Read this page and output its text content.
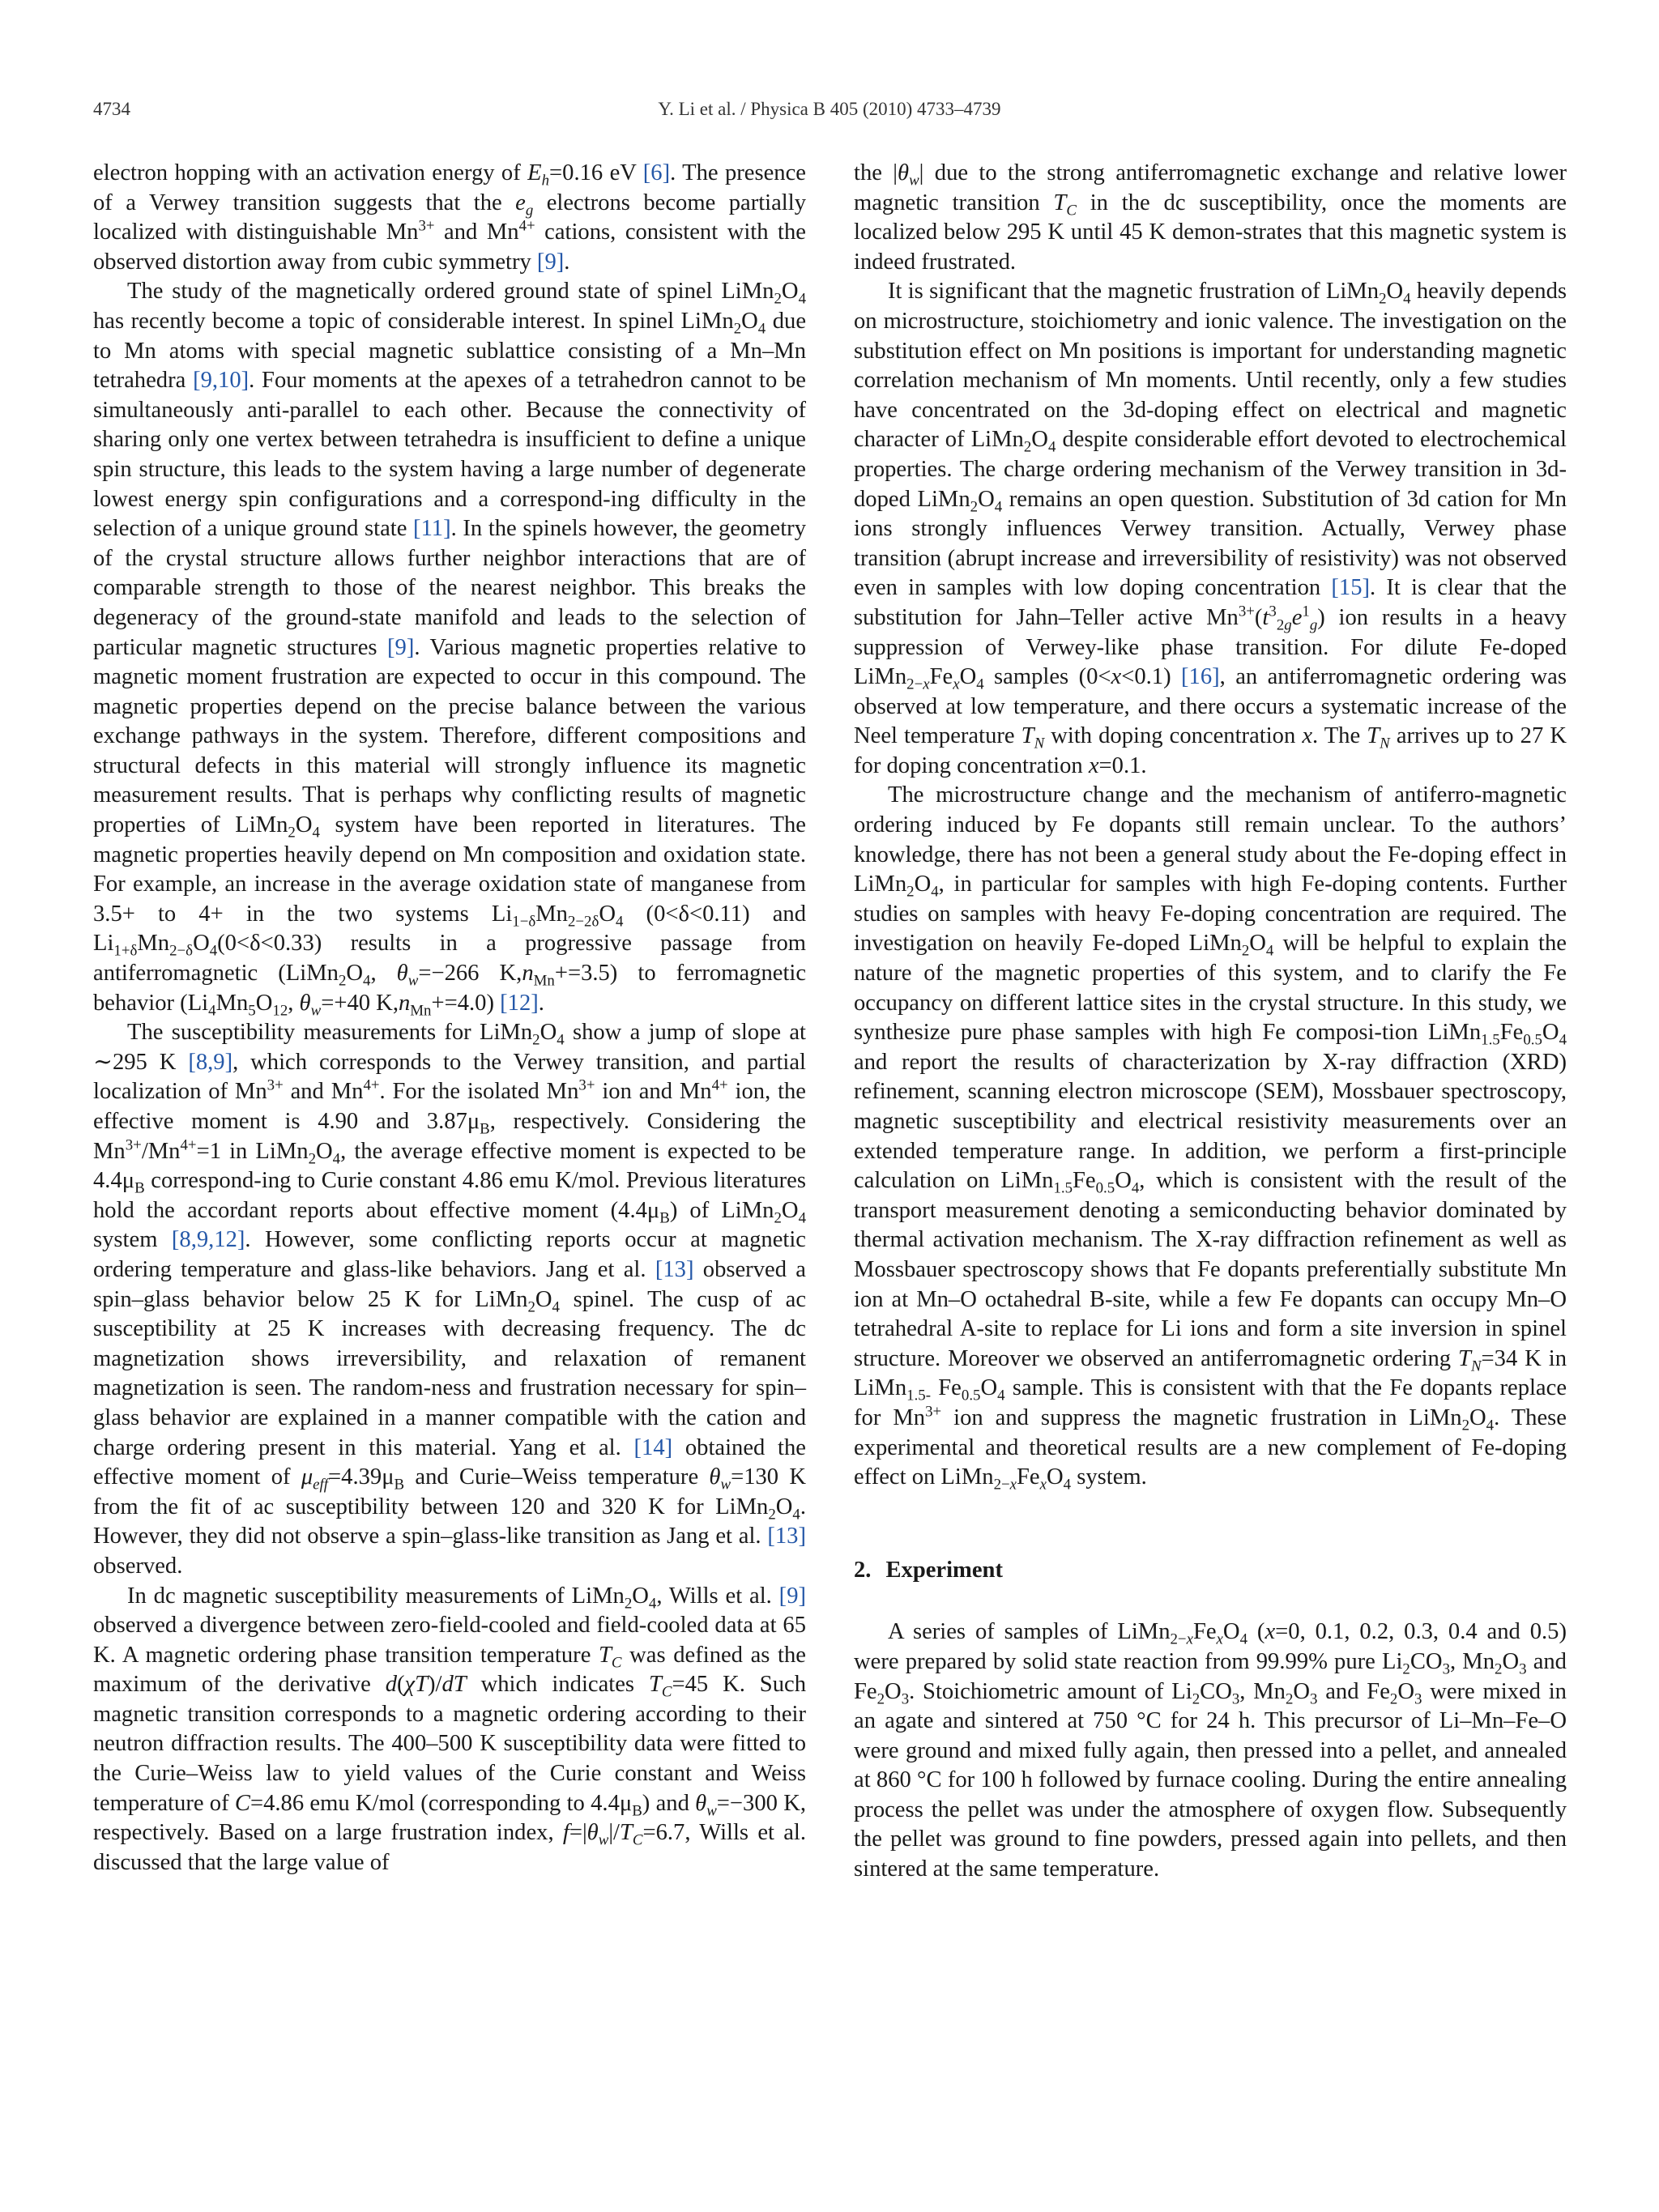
4734	Y. Li et al. / Physica B 405 (2010) 4733–4739

electron hopping with an activation energy of $E_h=0.16$ eV [6]. The presence of a Verwey transition suggests that the $e_g$ electrons become partially localized with distinguishable $Mn^{3+}$ and $Mn^{4+}$ cations, consistent with the observed distortion away from cubic symmetry [9].

The study of the magnetically ordered ground state of spinel $LiMn_2O_4$ has recently become a topic of considerable interest. In spinel $LiMn_2O_4$ due to Mn atoms with special magnetic sublattice consisting of a Mn–Mn tetrahedra [9,10]. Four moments at the apexes of a tetrahedron cannot to be simultaneously anti-parallel to each other. Because the connectivity of sharing only one vertex between tetrahedra is insufficient to define a unique spin structure, this leads to the system having a large number of degenerate lowest energy spin configurations and a correspond-ing difficulty in the selection of a unique ground state [11]. In the spinels however, the geometry of the crystal structure allows further neighbor interactions that are of comparable strength to those of the nearest neighbor. This breaks the degeneracy of the ground-state manifold and leads to the selection of particular magnetic structures [9]. Various magnetic properties relative to magnetic moment frustration are expected to occur in this compound. The magnetic properties depend on the precise balance between the various exchange pathways in the system. Therefore, different compositions and structural defects in this material will strongly influence its magnetic measurement results. That is perhaps why conflicting results of magnetic properties of $LiMn_2O_4$ system have been reported in literatures. The magnetic properties heavily depend on Mn composition and oxidation state. For example, an increase in the average oxidation state of manganese from 3.5+ to 4+ in the two systems $Li_{1-\delta}Mn_{2-2\delta}O_4$ (0<δ<0.11) and $Li_{1+\delta}Mn_{2-\delta}O_4(0<\delta<0.33)$ results in a progressive passage from antiferromagnetic ($LiMn_2O_4$, $\theta_w=-266$ $K,n_{Mn}+=3.5$) to ferromagnetic behavior ($Li_4Mn_5O_{12}$, $\theta_w=+40$ $K,n_{Mn}+=4.0$) [12].

The susceptibility measurements for $LiMn_2O_4$ show a jump of slope at ∼295 K [8,9], which corresponds to the Verwey transition, and partial localization of $Mn^{3+}$ and $Mn^{4+}$. For the isolated $Mn^{3+}$ ion and $Mn^{4+}$ ion, the effective moment is 4.90 and $3.87\mu_B$, respectively. Considering the $Mn^{3+}/Mn^{4+}=1$ in $LiMn_2O_4$, the average effective moment is expected to be $4.4\mu_B$ correspond-ing to Curie constant 4.86 emu K/mol. Previous literatures hold the accordant reports about effective moment $(4.4\mu_B)$ of $LiMn_2O_4$ system [8,9,12]. However, some conflicting reports occur at magnetic ordering temperature and glass-like behaviors. Jang et al. [13] observed a spin–glass behavior below 25 K for $LiMn_2O_4$ spinel. The cusp of ac susceptibility at 25 K increases with decreasing frequency. The dc magnetization shows irreversibility, and relaxation of remanent magnetization is seen. The random-ness and frustration necessary for spin–glass behavior are explained in a manner compatible with the cation and charge ordering present in this material. Yang et al. [14] obtained the effective moment of $\mu_{eff}=4.39\mu_B$ and Curie–Weiss temperature $\theta_w=130$ K from the fit of ac susceptibility between 120 and 320 K for $LiMn_2O_4$. However, they did not observe a spin–glass-like transition as Jang et al. [13] observed.

In dc magnetic susceptibility measurements of $LiMn_2O_4$, Wills et al. [9] observed a divergence between zero-field-cooled and field-cooled data at 65 K. A magnetic ordering phase transition temperature $T_C$ was defined as the maximum of the derivative d(χT)/dT which indicates $T_C=45$ K. Such magnetic transition corresponds to a magnetic ordering according to their neutron diffraction results. The 400–500 K susceptibility data were fitted to the Curie–Weiss law to yield values of the Curie constant and Weiss temperature of C=4.86 emu K/mol (corresponding to $4.4\mu_B$) and $\theta_w=-300$ K, respectively. Based on a large frustration index, $f=|\theta_w|/T_C=6.7$, Wills et al. discussed that the large value of

the $|\theta_w|$ due to the strong antiferromagnetic exchange and relative lower magnetic transition $T_C$ in the dc susceptibility, once the moments are localized below 295 K until 45 K demon-strates that this magnetic system is indeed frustrated.

It is significant that the magnetic frustration of $LiMn_2O_4$ heavily depends on microstructure, stoichiometry and ionic valence. The investigation on the substitution effect on Mn positions is important for understanding magnetic correlation mechanism of Mn moments. Until recently, only a few studies have concentrated on the 3d-doping effect on electrical and magnetic character of $LiMn_2O_4$ despite considerable effort devoted to electrochemical properties. The charge ordering mechanism of the Verwey transition in 3d-doped $LiMn_2O_4$ remains an open question. Substitution of 3d cation for Mn ions strongly influences Verwey transition. Actually, Verwey phase transition (abrupt increase and irreversibility of resistivity) was not observed even in samples with low doping concentration [15]. It is clear that the substitution for Jahn–Teller active $Mn^{3+}(t^3_{2g}e^1_g)$ ion results in a heavy suppression of Verwey-like phase transition. For dilute Fe-doped $LiMn_{2-x}Fe_xO_4$ samples (0<x<0.1) [16], an antiferromagnetic ordering was observed at low temperature, and there occurs a systematic increase of the Neel temperature $T_N$ with doping concentration x. The $T_N$ arrives up to 27 K for doping concentration x=0.1.

The microstructure change and the mechanism of antiferro-magnetic ordering induced by Fe dopants still remain unclear. To the authors’ knowledge, there has not been a general study about the Fe-doping effect in $LiMn_2O_4$, in particular for samples with high Fe-doping contents. Further studies on samples with heavy Fe-doping concentration are required. The investigation on heavily Fe-doped $LiMn_2O_4$ will be helpful to explain the nature of the magnetic properties of this system, and to clarify the Fe occupancy on different lattice sites in the crystal structure. In this study, we synthesize pure phase samples with high Fe composi-tion $LiMn_{1.5}Fe_{0.5}O_4$ and report the results of characterization by X-ray diffraction (XRD) refinement, scanning electron microscope (SEM), Mossbauer spectroscopy, magnetic susceptibility and electrical resistivity measurements over an extended temperature range. In addition, we perform a first-principle calculation on $LiMn_{1.5}Fe_{0.5}O_4$, which is consistent with the result of the transport measurement denoting a semiconducting behavior dominated by thermal activation mechanism. The X-ray diffraction refinement as well as Mossbauer spectroscopy shows that Fe dopants preferentially substitute Mn ion at Mn–O octahedral B-site, while a few Fe dopants can occupy Mn–O tetrahedral A-site to replace for Li ions and form a site inversion in spinel structure. Moreover we observed an antiferromagnetic ordering $T_N=34$ K in LiMn$_{1.5-}$ $Fe_{0.5}O_4$ sample. This is consistent with that the Fe dopants replace for $Mn^{3+}$ ion and suppress the magnetic frustration in $LiMn_2O_4$. These experimental and theoretical results are a new complement of Fe-doping effect on $LiMn_{2-x}Fe_xO_4$ system.

2. Experiment

A series of samples of $LiMn_{2-x}Fe_xO_4$ (x=0, 0.1, 0.2, 0.3, 0.4 and 0.5) were prepared by solid state reaction from 99.99% pure $Li_2CO_3$, $Mn_2O_3$ and $Fe_2O_3$. Stoichiometric amount of $Li_2CO_3$, $Mn_2O_3$ and $Fe_2O_3$ were mixed in an agate and sintered at 750 °C for 24 h. This precursor of Li–Mn–Fe–O were ground and mixed fully again, then pressed into a pellet, and annealed at 860 °C for 100 h followed by furnace cooling. During the entire annealing process the pellet was under the atmosphere of oxygen flow. Subsequently the pellet was ground to fine powders, pressed again into pellets, and then sintered at the same temperature.
